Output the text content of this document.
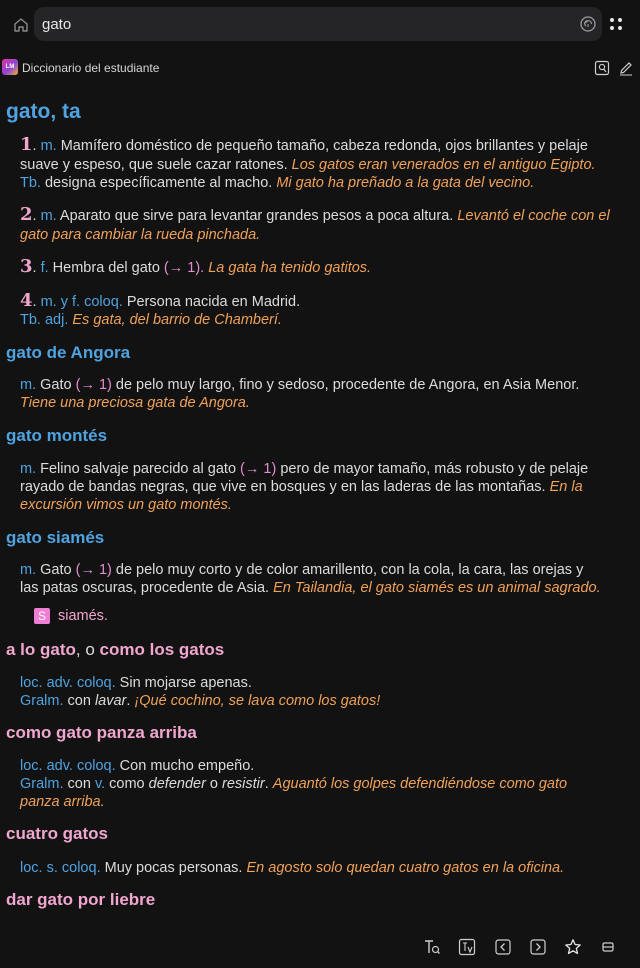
gato
LM Diccionario del estudiante
gato, ta
1. m. Mamífero doméstico de pequeño tamaño, cabeza redonda, ojos brillantes y pelaje
suave y espeso, que suele cazar ratones. Los gatos eran venerados en el antiguo Egipto.
Tb. designa específicamente al macho. Mi gato ha preñado a la gata del vecino.
2. m. Aparato que sirve para levantar grandes pesos a poca altura. Levantó el coche con el
gato para cambiar la rueda pinchada.
3. f. Hembra del gato (→ 1). La gata ha tenido gatitos.
4. m. y f. coloq. Persona nacida en Madrid.
Tb. adj. Es gata, del barrio de Chamberí.
gato de Angora
m. Gato (→ 1) de pelo muy largo, fino y sedoso, procedente de Angora, en Asia Menor.
Tiene una preciosa gata de Angora.
gato montés
m. Felino salvaje parecido al gato (→ 1) pero de mayor tamaño, más robusto y de pelaje
rayado de bandas negras, que vive en bosques y en las laderas de las montañas. En la
excursión vimos un gato montés.
gato siamés
m. Gato (→ 1) de pelo muy corto y de color amarillento, con la cola, la cara, las orejas y
las patas oscuras, procedente de Asia. En Tailandia, el gato siamés es un animal sagrado.
S siamés.
a lo gato, o como los gatos
loc. adv. coloq. Sin mojarse apenas.
Gralm. con lavar. ¡Qué cochino, se lava como los gatos!
como gato panza arriba
loc. adv. coloq. Con mucho empeño.
Gralm. con v. como defender o resistir. Aguantó los golpes defendiéndose como gato
panza arriba.
cuatro gatos
loc. s. coloq. Muy pocas personas. En agosto solo quedan cuatro gatos en la oficina.
dar gato por liebre
